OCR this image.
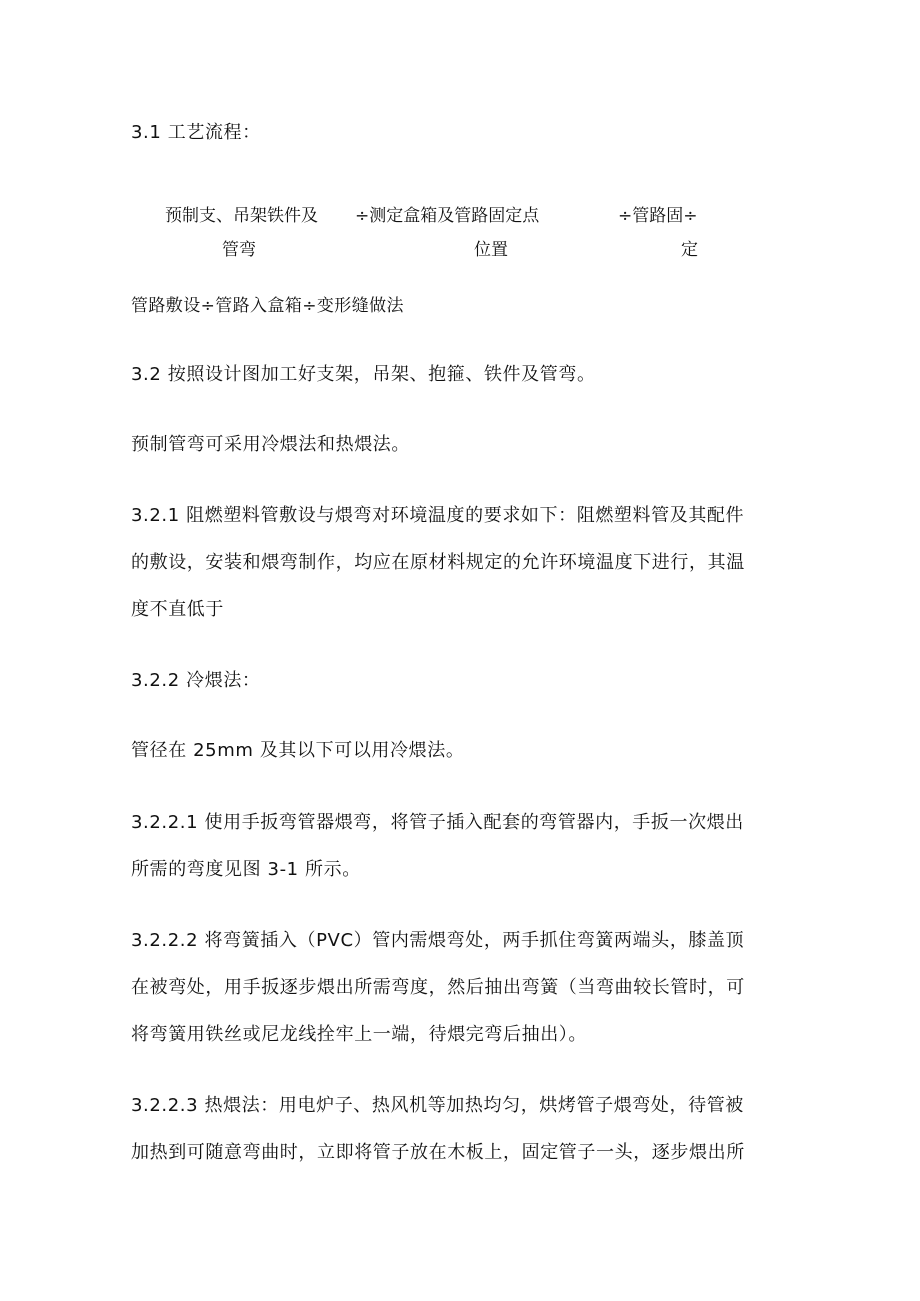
3.1 工艺流程：
预制支、吊架铁件及 ÷测定盒箱及管路固定点	÷管路固÷
管弯	位置	定
管路敷设÷管路入盒箱÷变形缝做法
3.2 按照设计图加工好支架，吊架、抱箍、铁件及管弯。
预制管弯可采用冷煨法和热煨法。
3.2.1 阻燃塑料管敷设与煨弯对环境温度的要求如下：阻燃塑料管及其配件
的敷设，安装和煨弯制作，均应在原材料规定的允许环境温度下进行，其温
度不直低于
3.2.2 冷煨法：
管径在 25mm 及其以下可以用冷煨法。
3.2.2.1 使用手扳弯管器煨弯，将管子插入配套的弯管器内，手扳一次煨出
所需的弯度见图 3-1 所示。
3.2.2.2 将弯簧插入（PVC）管内需煨弯处，两手抓住弯簧两端头，膝盖顶
在被弯处，用手扳逐步煨出所需弯度，然后抽出弯簧（当弯曲较长管时，可
将弯簧用铁丝或尼龙线拴牢上一端，待煨完弯后抽出）。
3.2.2.3 热煨法：用电炉子、热风机等加热均匀，烘烤管子煨弯处，待管被
加热到可随意弯曲时，立即将管子放在木板上，固定管子一头，逐步煨出所
